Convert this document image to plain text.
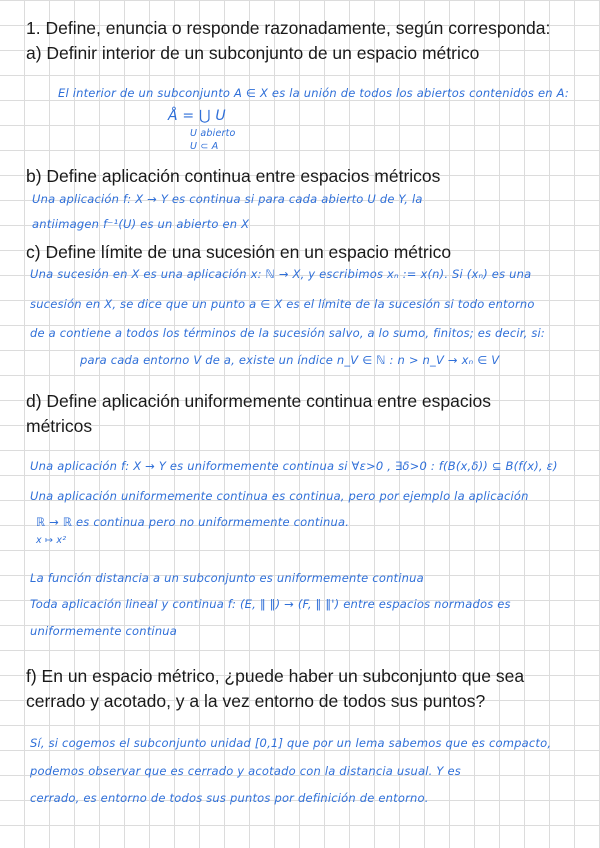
1. Define, enuncia o responde razonadamente, según corresponda:
a) Definir interior de un subconjunto de un espacio métrico

El interior de un subconjunto A ∈ X es la unión de todos los abiertos contenidos en A:

Å = ⋃ U

U abierto

U ⊂ A

b) Define aplicación continua entre espacios métricos

Una aplicación f: X → Y es continua si para cada abierto U de Y, la

antiimagen f⁻¹(U) es un abierto en X

c) Define límite de una sucesión en un espacio métrico

Una sucesión en X es una aplicación x: ℕ → X, y escribimos xₙ := x(n). Si (xₙ) es una

sucesión en X, se dice que un punto a ∈ X es el límite de la sucesión si todo entorno

de a contiene a todos los términos de la sucesión salvo, a lo sumo, finitos; es decir, si:

para cada entorno V de a, existe un índice n_V ∈ ℕ : n > n_V → xₙ ∈ V

d) Define aplicación uniformemente continua entre espacios métricos

Una aplicación f: X → Y es uniformemente continua si ∀ε>0 , ∃δ>0 : f(B(x,δ)) ⊆ B(f(x), ε)

Una aplicación uniformemente continua es continua, pero por ejemplo la aplicación

ℝ → ℝ es continua pero no uniformemente continua.

x ↦ x²

La función distancia a un subconjunto es uniformemente continua

Toda aplicación lineal y continua f: (E, ‖ ‖) → (F, ‖ ‖') entre espacios normados es

uniformemente continua

f) En un espacio métrico, ¿puede haber un subconjunto que sea cerrado y acotado, y a la vez entorno de todos sus puntos?

Sí, si cogemos el subconjunto unidad [0,1] que por un lema sabemos que es compacto,

podemos observar que es cerrado y acotado con la distancia usual. Y es

cerrado, es entorno de todos sus puntos por definición de entorno.
